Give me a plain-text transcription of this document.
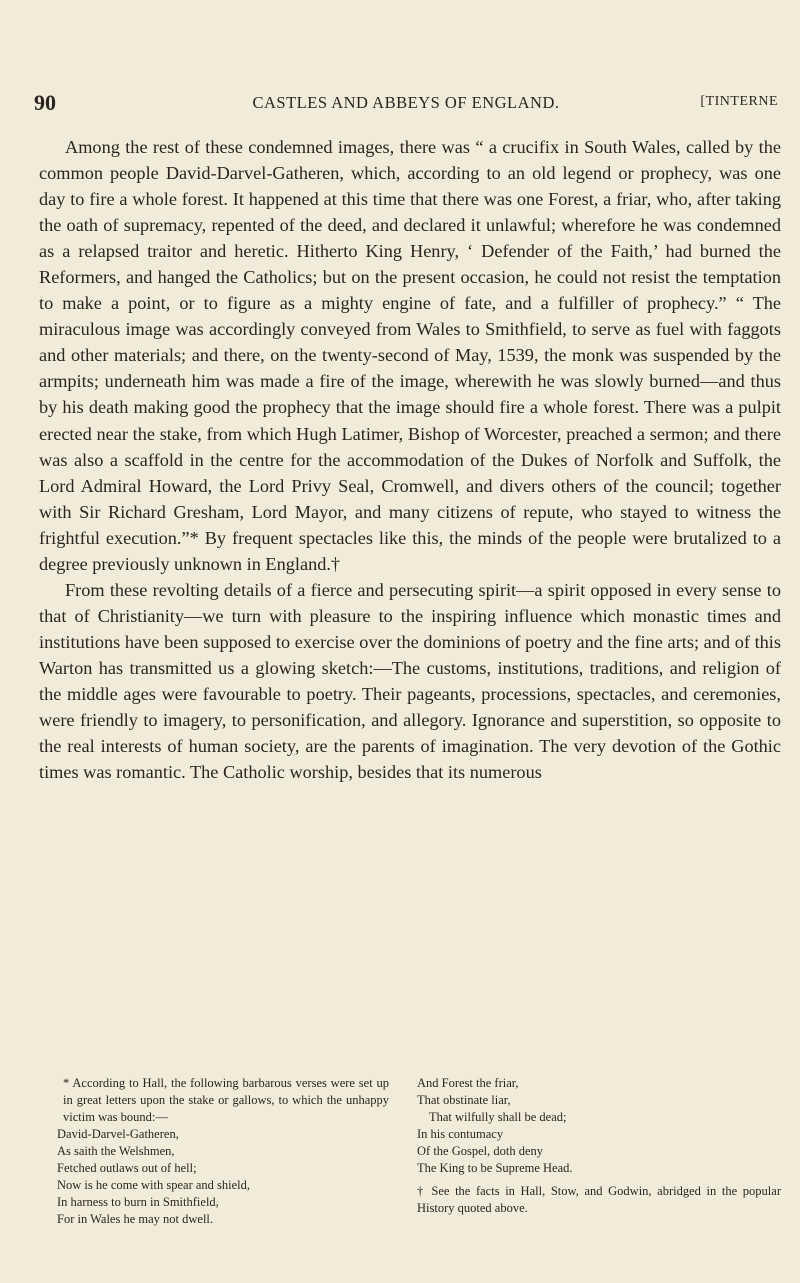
90	CASTLES AND ABBEYS OF ENGLAND.	[TINTERNE

Among the rest of these condemned images, there was “ a crucifix in South Wales, called by the common people David-Darvel-Gatheren, which, according to an old legend or prophecy, was one day to fire a whole forest. It happened at this time that there was one Forest, a friar, who, after taking the oath of supremacy, repented of the deed, and declared it unlawful; wherefore he was condemned as a relapsed traitor and heretic. Hitherto King Henry, ‘ Defender of the Faith,’ had burned the Reformers, and hanged the Catholics; but on the present occasion, he could not resist the temptation to make a point, or to figure as a mighty engine of fate, and a fulfiller of prophecy.” “ The miraculous image was accordingly conveyed from Wales to Smithfield, to serve as fuel with faggots and other materials; and there, on the twenty-second of May, 1539, the monk was suspended by the armpits; underneath him was made a fire of the image, wherewith he was slowly burned—and thus by his death making good the prophecy that the image should fire a whole forest. There was a pulpit erected near the stake, from which Hugh Latimer, Bishop of Worcester, preached a sermon; and there was also a scaffold in the centre for the accommodation of the Dukes of Norfolk and Suffolk, the Lord Admiral Howard, the Lord Privy Seal, Cromwell, and divers others of the council; together with Sir Richard Gresham, Lord Mayor, and many citizens of repute, who stayed to witness the frightful execution.”* By frequent spectacles like this, the minds of the people were brutalized to a degree previously unknown in England.†

From these revolting details of a fierce and persecuting spirit—a spirit opposed in every sense to that of Christianity—we turn with pleasure to the inspiring influence which monastic times and institutions have been supposed to exercise over the dominions of poetry and the fine arts; and of this Warton has transmitted us a glowing sketch:—The customs, institutions, traditions, and religion of the middle ages were favourable to poetry. Their pageants, processions, spectacles, and ceremonies, were friendly to imagery, to personification, and allegory. Ignorance and superstition, so opposite to the real interests of human society, are the parents of imagination. The very devotion of the Gothic times was romantic. The Catholic worship, besides that its numerous

* According to Hall, the following barbarous verses were set up in great letters upon the stake or gallows, to which the unhappy victim was bound:—

David-Darvel-Gatheren,
As saith the Welshmen,
Fetched outlaws out of hell;
Now is he come with spear and shield,
In harness to burn in Smithfield,
For in Wales he may not dwell.
And Forest the friar,
That obstinate liar,
That wilfully shall be dead;
In his contumacy
Of the Gospel, doth deny
The King to be Supreme Head.

† See the facts in Hall, Stow, and Godwin, abridged in the popular History quoted above.
